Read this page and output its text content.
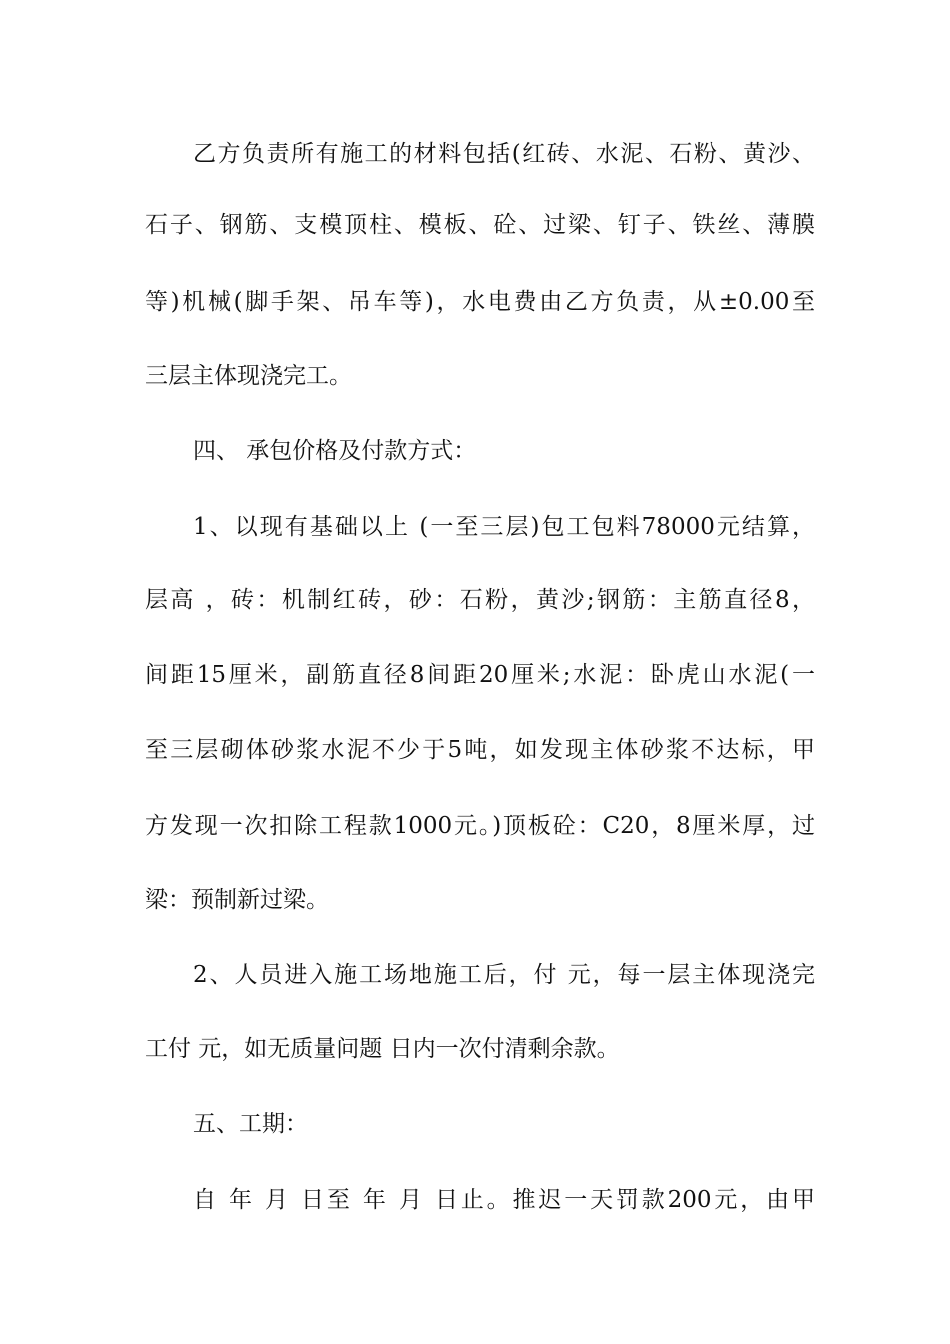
乙方负责所有施工的材料包括(红砖、水泥、石粉、黄沙、
石子、钢筋、支模顶柱、模板、砼、过梁、钉子、铁丝、薄膜
等)机械(脚手架、吊车等)，水电费由乙方负责，从±0.00至
三层主体现浇完工。
四、 承包价格及付款方式：
1、以现有基础以上 (一至三层)包工包料78000元结算，
层高 ，砖：机制红砖，砂：石粉，黄沙;钢筋：主筋直径8，
间距15厘米，副筋直径8间距20厘米;水泥：卧虎山水泥(一
至三层砌体砂浆水泥不少于5吨，如发现主体砂浆不达标，甲
方发现一次扣除工程款1000元。)顶板砼：C20，8厘米厚，过
梁：预制新过梁。
2、人员进入施工场地施工后，付 元，每一层主体现浇完
工付 元，如无质量问题 日内一次付清剩余款。
五、工期：
自 年 月 日至 年 月 日止。推迟一天罚款200元，由甲
